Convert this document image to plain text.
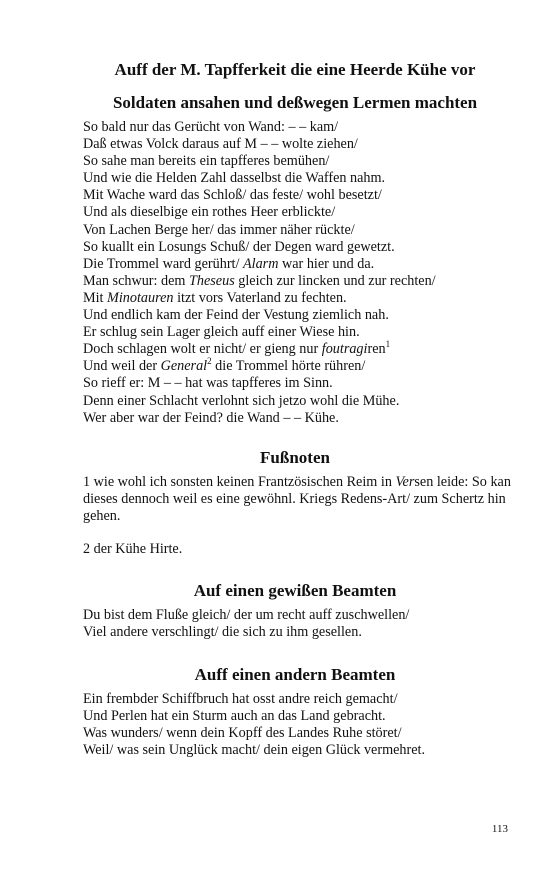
Auff der M. Tapfferkeit die eine Heerde Kühe vor
Soldaten ansahen und deßwegen Lermen machten
So bald nur das Gerücht von Wand: – – kam/
Daß etwas Volck daraus auf M – – wolte ziehen/
So sahe man bereits ein tapfferes bemühen/
Und wie die Helden Zahl dasselbst die Waffen nahm.
Mit Wache ward das Schloß/ das feste/ wohl besetzt/
Und als dieselbige ein rothes Heer erblickte/
Von Lachen Berge her/ das immer näher rückte/
So kuallt ein Losungs Schuß/ der Degen ward gewetzt.
Die Trommel ward gerührt/ Alarm war hier und da.
Man schwur: dem Theseus gleich zur lincken und zur rechten/
Mit Minotauren itzt vors Vaterland zu fechten.
Und endlich kam der Feind der Vestung ziemlich nah.
Er schlug sein Lager gleich auff einer Wiese hin.
Doch schlagen wolt er nicht/ er gieng nur foutragiren$^1$
Und weil der General$^2$ die Trommel hörte rühren/
So rieff er: M – – hat was tapfferes im Sinn.
Denn einer Schlacht verlohnt sich jetzo wohl die Mühe.
Wer aber war der Feind? die Wand – – Kühe.
Fußnoten
1 wie wohl ich sonsten keinen Frantzösischen Reim in Versen leide: So kan dieses dennoch weil es eine gewöhnl. Kriegs Redens-Art/ zum Schertz hin gehen.
2 der Kühe Hirte.
Auf einen gewißen Beamten
Du bist dem Fluße gleich/ der um recht auff zuschwellen/
Viel andere verschlingt/ die sich zu ihm gesellen.
Auff einen andern Beamten
Ein frembder Schiffbruch hat osst andre reich gemacht/
Und Perlen hat ein Sturm auch an das Land gebracht.
Was wunders/ wenn dein Kopff des Landes Ruhe störet/
Weil/ was sein Unglück macht/ dein eigen Glück vermehret.
113
